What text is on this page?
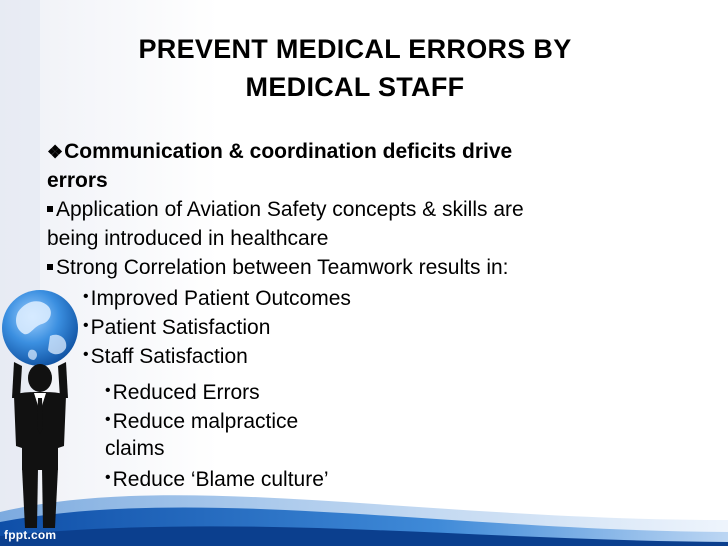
PREVENT MEDICAL ERRORS BY
MEDICAL STAFF
❖Communication & coordination deficits drive
errors
Application of Aviation Safety concepts & skills are
being introduced in healthcare
Strong Correlation between Teamwork results in:
•Improved Patient Outcomes
•Patient Satisfaction
•Staff Satisfaction
•Reduced Errors
•Reduce malpractice
claims
•Reduce ‘Blame culture’
fppt.com
